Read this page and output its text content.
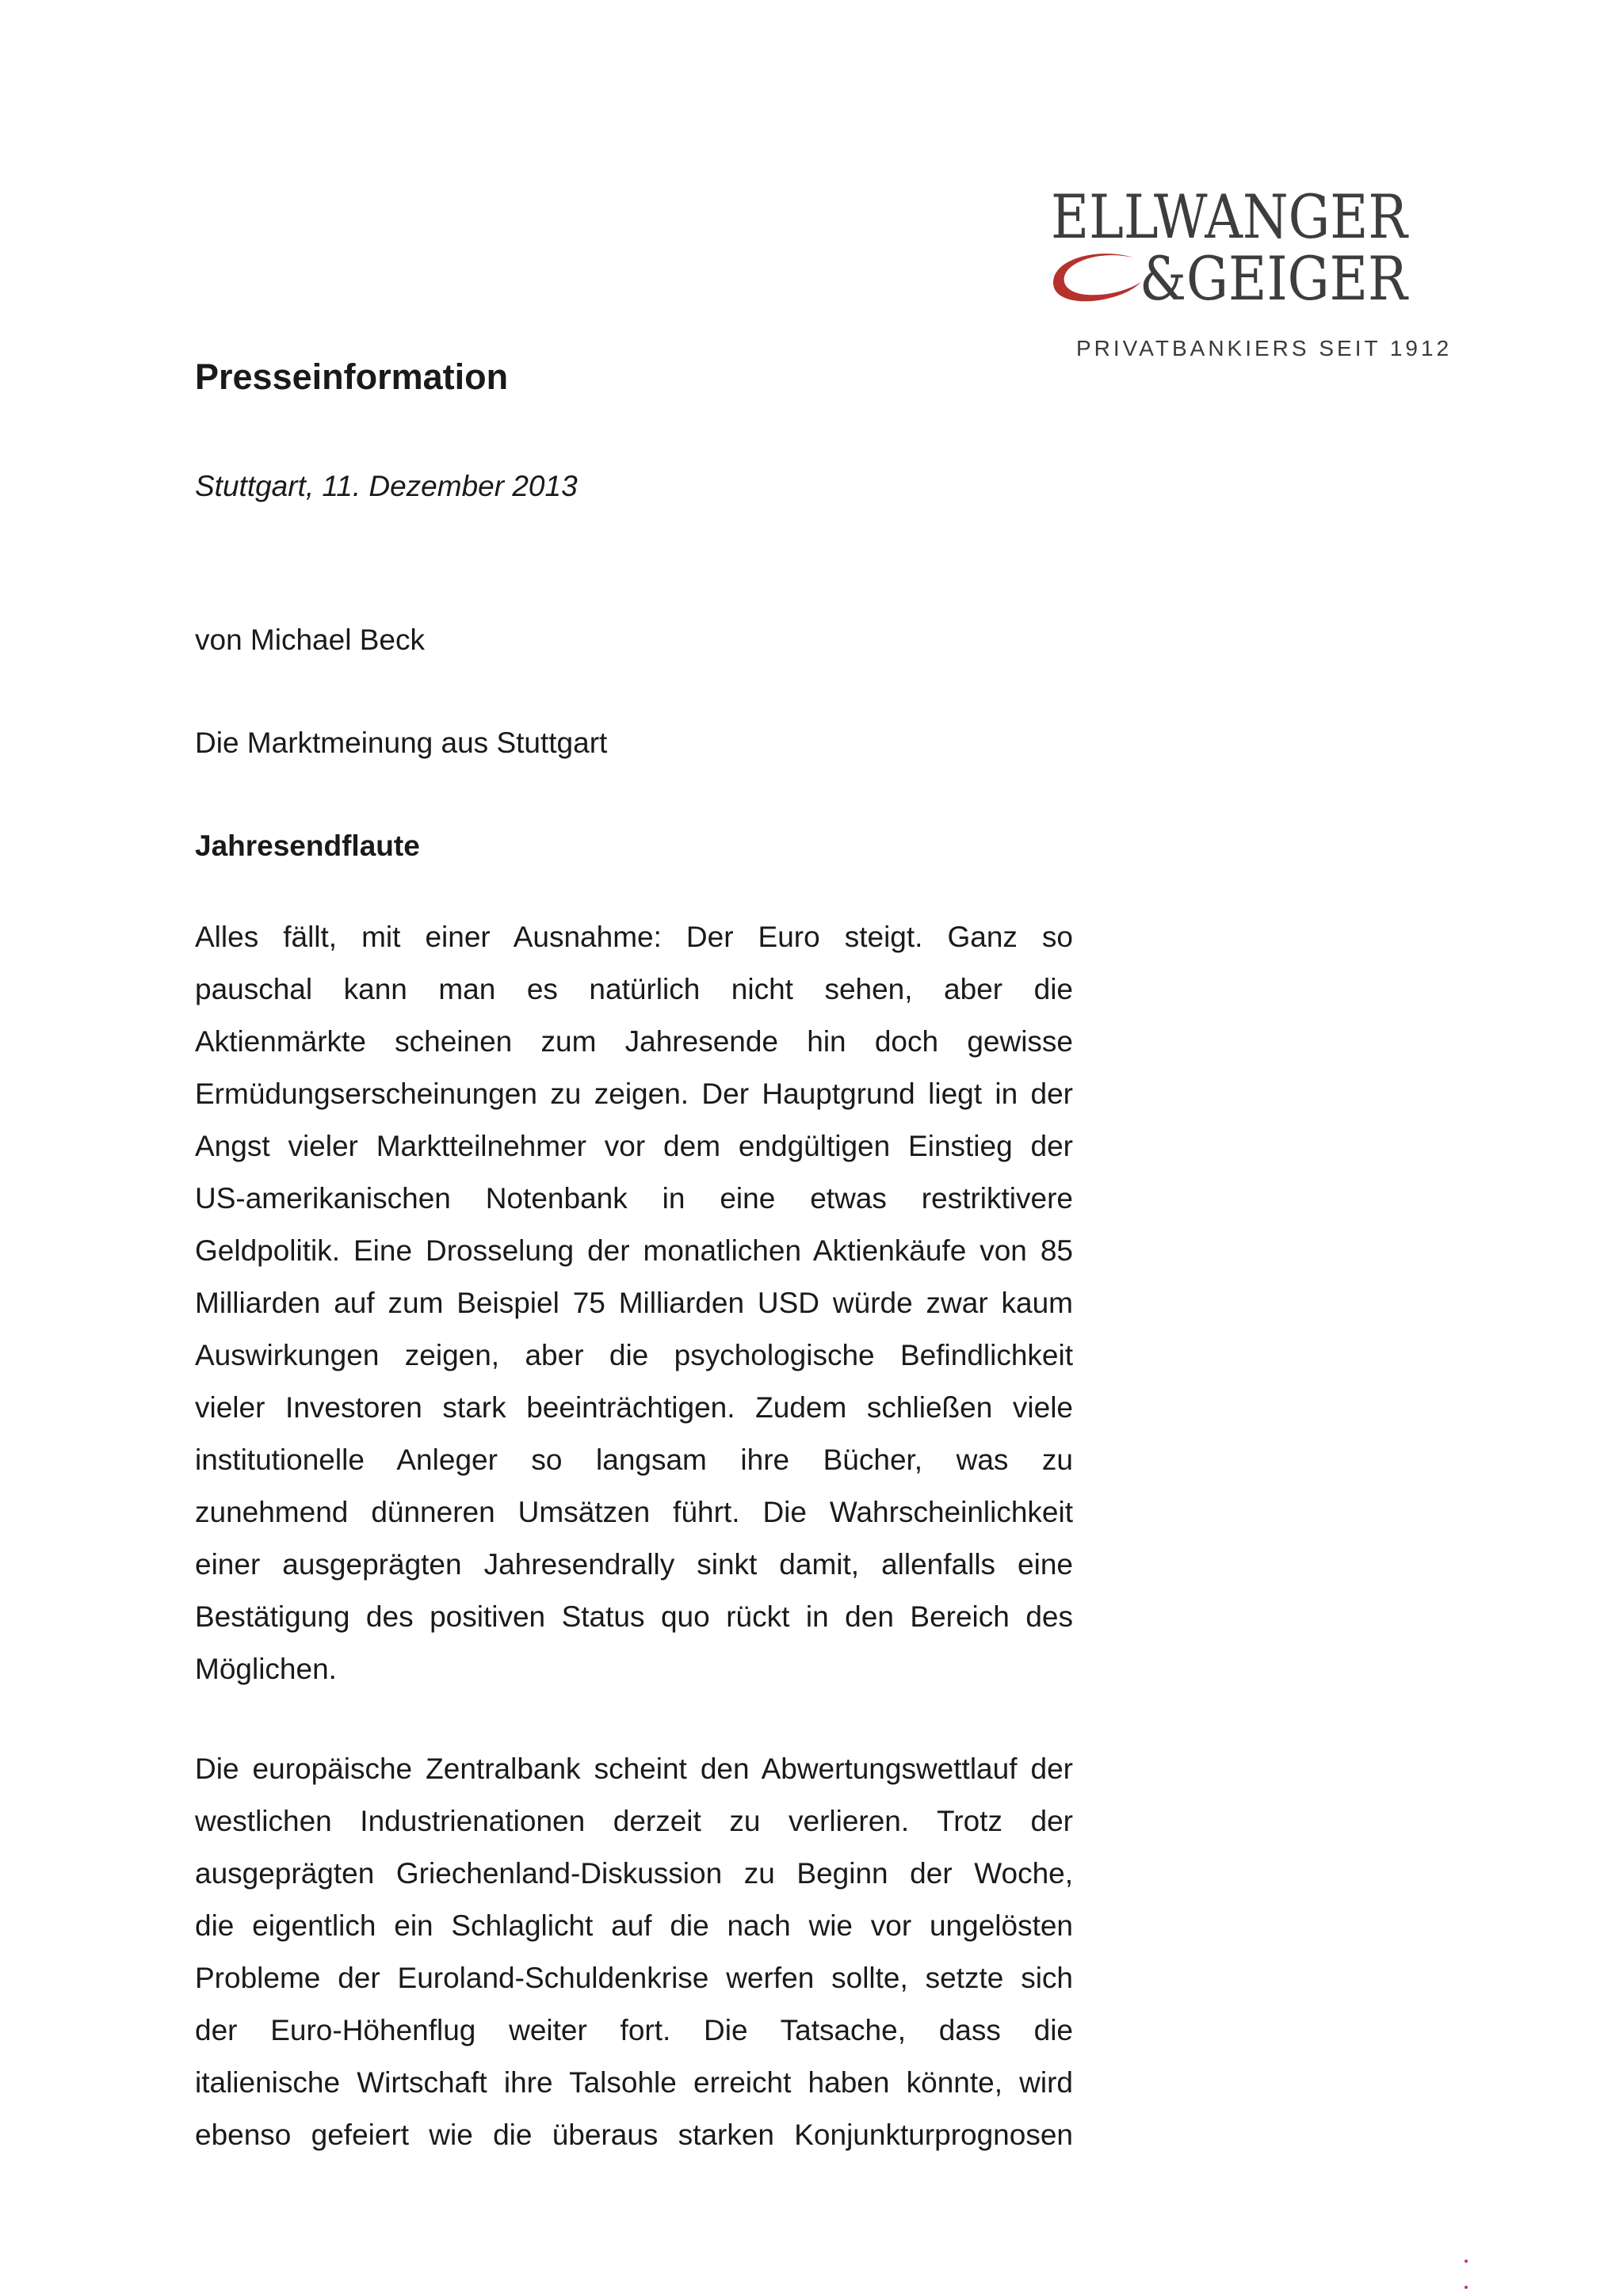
ELLWANGER
&GEIGER
PRIVATBANKIERS SEIT 1912
Presseinformation
Stuttgart, 11. Dezember 2013
von Michael Beck
Die Marktmeinung aus Stuttgart
Jahresendflaute
Alles fällt, mit einer Ausnahme: Der Euro steigt. Ganz so
pauschal kann man es natürlich nicht sehen, aber die
Aktienmärkte scheinen zum Jahresende hin doch gewisse
Ermüdungserscheinungen zu zeigen. Der Hauptgrund liegt in der
Angst vieler Marktteilnehmer vor dem endgültigen Einstieg der
US-amerikanischen Notenbank in eine etwas restriktivere
Geldpolitik. Eine Drosselung der monatlichen Aktienkäufe von 85
Milliarden auf zum Beispiel 75 Milliarden USD würde zwar kaum
Auswirkungen zeigen, aber die psychologische Befindlichkeit
vieler Investoren stark beeinträchtigen. Zudem schließen viele
institutionelle Anleger so langsam ihre Bücher, was zu
zunehmend dünneren Umsätzen führt. Die Wahrscheinlichkeit
einer ausgeprägten Jahresendrally sinkt damit, allenfalls eine
Bestätigung des positiven Status quo rückt in den Bereich des
Möglichen.
Die europäische Zentralbank scheint den Abwertungswettlauf der
westlichen Industrienationen derzeit zu verlieren. Trotz der
ausgeprägten Griechenland-Diskussion zu Beginn der Woche,
die eigentlich ein Schlaglicht auf die nach wie vor ungelösten
Probleme der Euroland-Schuldenkrise werfen sollte, setzte sich
der Euro-Höhenflug weiter fort. Die Tatsache, dass die
italienische Wirtschaft ihre Talsohle erreicht haben könnte, wird
ebenso gefeiert wie die überaus starken Konjunkturprognosen
